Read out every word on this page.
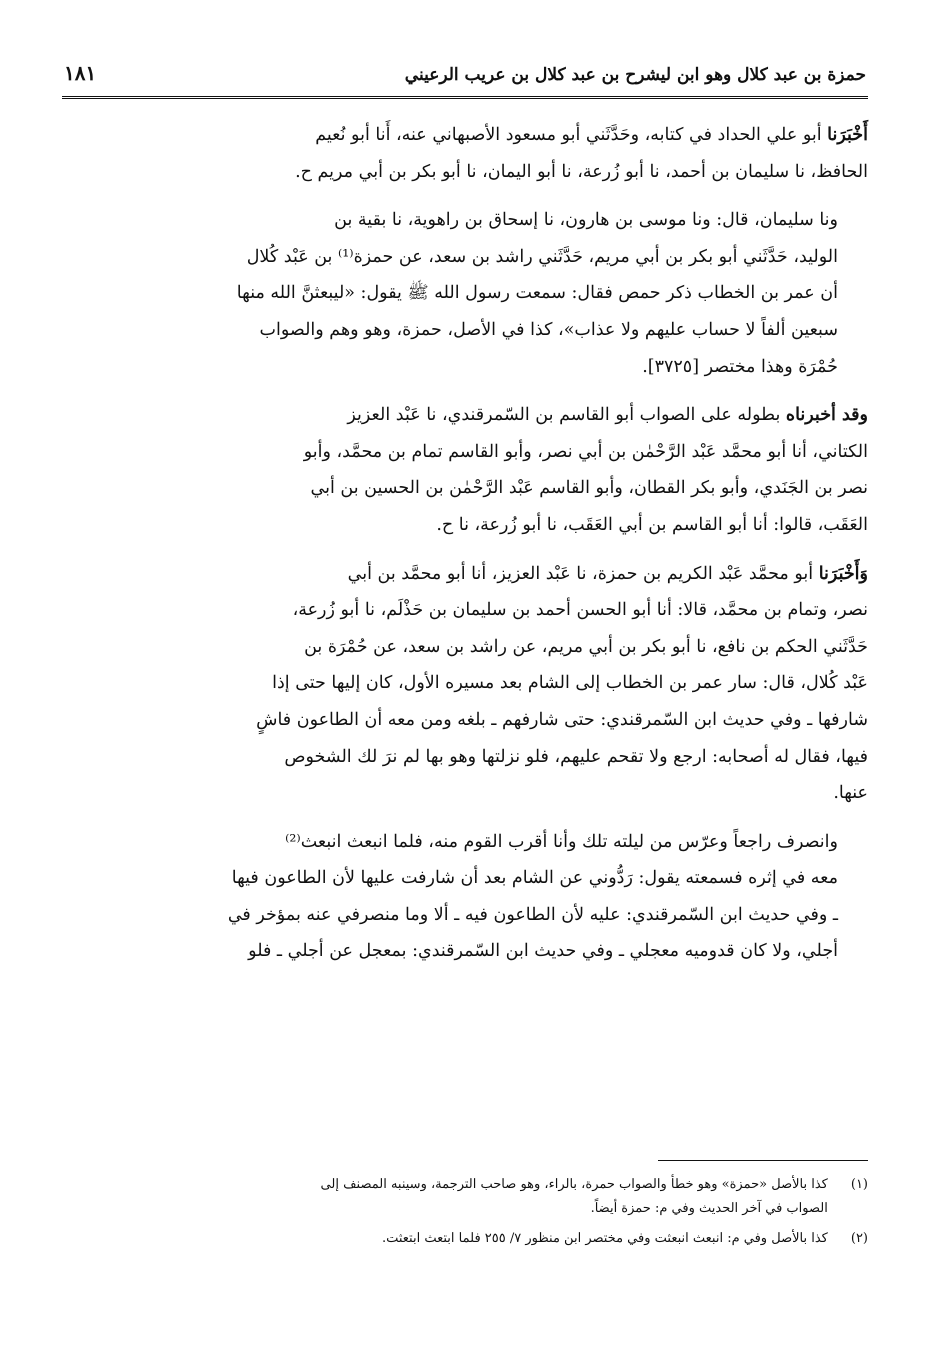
حمزة بن عبد كلال وهو ابن ليشرح بن عبد كلال بن عريب الرعيني
١٨١

أَخْبَرَنا أبو علي الحداد في كتابه، وحَدَّثَني أبو مسعود الأصبهاني عنه، أَنا أبو نُعيم
الحافظ، نا سليمان بن أحمد، نا أبو زُرعة، نا أبو اليمان، نا أبو بكر بن أبي مريم ح.

ونا سليمان، قال: ونا موسى بن هارون، نا إسحاق بن راهوية، نا بقية بن
الوليد، حَدَّثَني أبو بكر بن أبي مريم، حَدَّثَني راشد بن سعد، عن حمزة⁽¹⁾ بن عَبْد كُلال
أن عمر بن الخطاب ذكر حمص فقال: سمعت رسول الله ﷺ يقول: «ليبعثنَّ الله منها
سبعين ألفاً لا حساب عليهم ولا عذاب»، كذا في الأصل، حمزة، وهو وهم والصواب
حُمْرَة وهذا مختصر [٣٧٢٥].

وقد أخبرناه بطوله على الصواب أبو القاسم بن السّمرقندي، نا عَبْد العزيز
الكتاني، أنا أبو محمَّد عَبْد الرَّحْمٰن بن أبي نصر، وأبو القاسم تمام بن محمَّد، وأبو
نصر بن الجَنَدي، وأبو بكر القطان، وأبو القاسم عَبْد الرَّحْمٰن بن الحسين بن أبي
العَقَب، قالوا: أنا أبو القاسم بن أبي العَقَب، نا أبو زُرعة، نا ح.

وَأَخْبَرَنا أبو محمَّد عَبْد الكريم بن حمزة، نا عَبْد العزيز، أنا أبو محمَّد بن أبي
نصر، وتمام بن محمَّد، قالا: أنا أبو الحسن أحمد بن سليمان بن حَذْلَم، نا أبو زُرعة،
حَدَّثَني الحكم بن نافع، نا أبو بكر بن أبي مريم، عن راشد بن سعد، عن حُمْرَة بن
عَبْد كُلال، قال: سار عمر بن الخطاب إلى الشام بعد مسيره الأول، كان إليها حتى إذا
شارفها ـ وفي حديث ابن السّمرقندي: حتى شارفهم ـ بلغه ومن معه أن الطاعون فاشٍ
فيها، فقال له أصحابه: ارجع ولا تقحم عليهم، فلو نزلتها وهو بها لم نرَ لك الشخوص
عنها.

وانصرف راجعاً وعرّس من ليلته تلك وأنا أقرب القوم منه، فلما انبعث انبعث⁽²⁾
معه في إثره فسمعته يقول: رَدُّوني عن الشام بعد أن شارفت عليها لأن الطاعون فيها
ـ وفي حديث ابن السّمرقندي: عليه لأن الطاعون فيه ـ ألا وما منصرفي عنه بمؤخر في
أجلي، ولا كان قدوميه معجلي ـ وفي حديث ابن السّمرقندي: بمعجل عن أجلي ـ فلو

(١) كذا بالأصل «حمزة» وهو خطأ والصواب حمرة، بالراء، وهو صاحب الترجمة، وسينبه المصنف إلى
الصواب في آخر الحديث وفي م: حمزة أيضاً.
(٢) كذا بالأصل وفي م: انبعث انبعثت وفي مختصر ابن منظور ٧/ ٢٥٥ فلما ابتعث ابتعثت.
